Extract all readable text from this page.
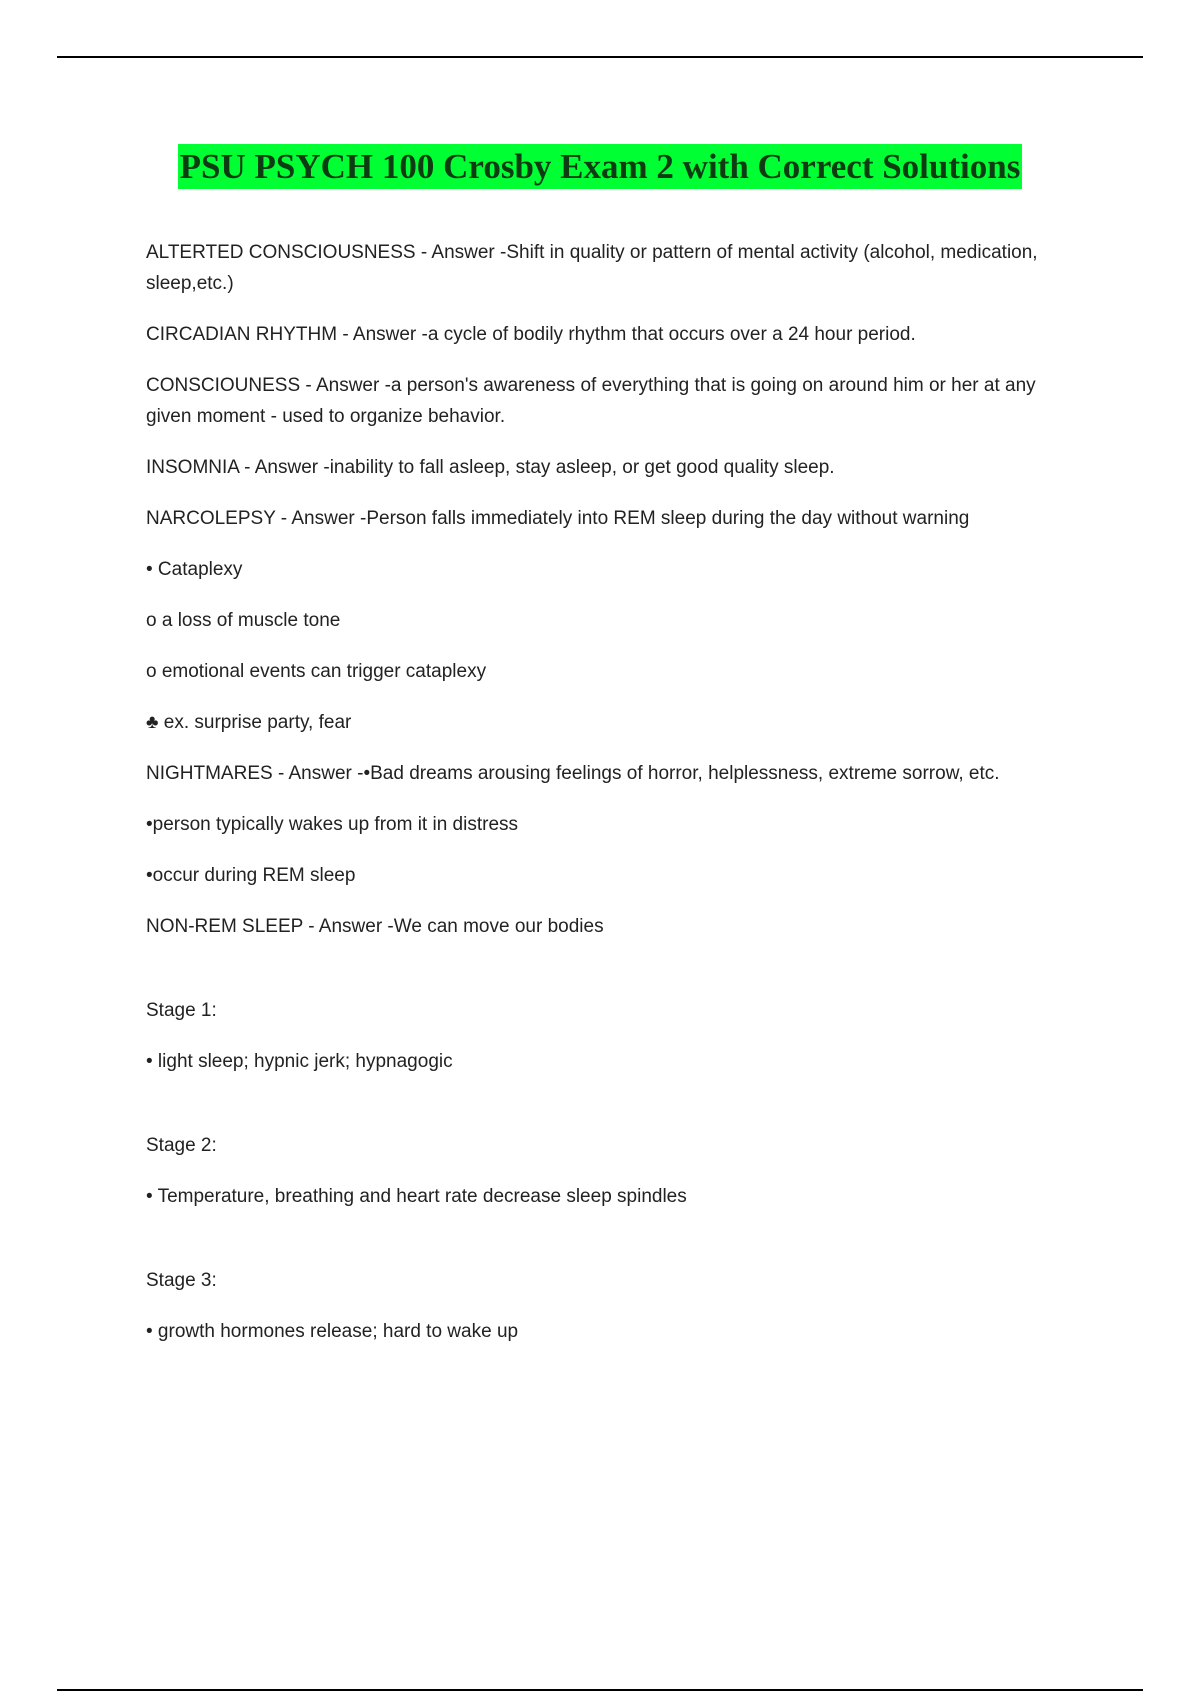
PSU PSYCH 100 Crosby Exam 2 with Correct Solutions

ALTERTED CONSCIOUSNESS - Answer -Shift in quality or pattern of mental activity (alcohol, medication, sleep,etc.)

CIRCADIAN RHYTHM - Answer -a cycle of bodily rhythm that occurs over a 24 hour period.

CONSCIOUNESS - Answer -a person's awareness of everything that is going on around him or her at any given moment - used to organize behavior.

INSOMNIA - Answer -inability to fall asleep, stay asleep, or get good quality sleep.

NARCOLEPSY - Answer -Person falls immediately into REM sleep during the day without warning

• Cataplexy

o a loss of muscle tone

o emotional events can trigger cataplexy

♣ ex. surprise party, fear

NIGHTMARES - Answer -•Bad dreams arousing feelings of horror, helplessness, extreme sorrow, etc.

•person typically wakes up from it in distress

•occur during REM sleep

NON-REM SLEEP - Answer -We can move our bodies

Stage 1:

• light sleep; hypnic jerk; hypnagogic

Stage 2:

• Temperature, breathing and heart rate decrease sleep spindles

Stage 3:

• growth hormones release; hard to wake up
